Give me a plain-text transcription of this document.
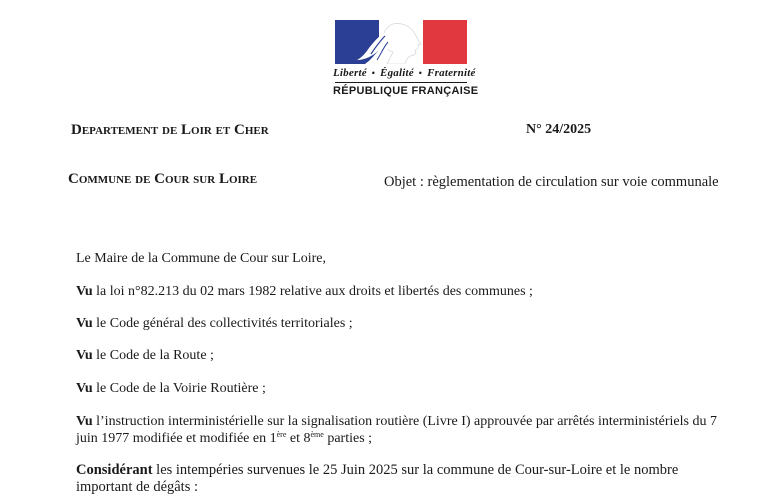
Liberté • Égalité • Fraternité
RÉPUBLIQUE FRANÇAISE
Departement de Loir et Cher	N° 24/2025
Commune de Cour sur Loire	Objet : règlementation de circulation sur voie communale
Le Maire de la Commune de Cour sur Loire,
Vu la loi n°82.213 du 02 mars 1982 relative aux droits et libertés des communes ;
Vu le Code général des collectivités territoriales ;
Vu le Code de la Route ;
Vu le Code de la Voirie Routière ;
Vu l’instruction interministérielle sur la signalisation routière (Livre I) approuvée par arrêtés interministériels du 7 juin 1977 modifiée et modifiée en 1ère et 8ème parties ;
Considérant les intempéries survenues le 25 Juin 2025 sur la commune de Cour-sur-Loire et le nombre important de dégâts :
